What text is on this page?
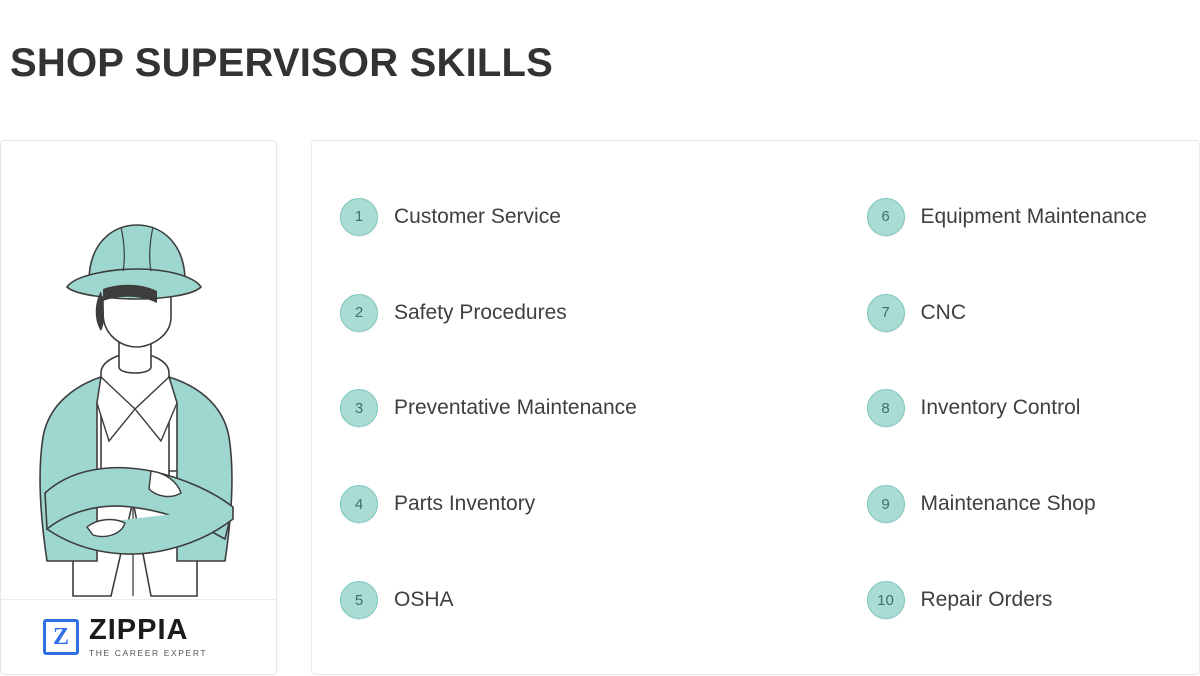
SHOP SUPERVISOR SKILLS
Z ZIPPIA
THE CAREER EXPERT
1	Customer Service
2	Safety Procedures
3	Preventative Maintenance
4	Parts Inventory
5	OSHA
6	Equipment Maintenance
7	CNC
8	Inventory Control
9	Maintenance Shop
10	Repair Orders
